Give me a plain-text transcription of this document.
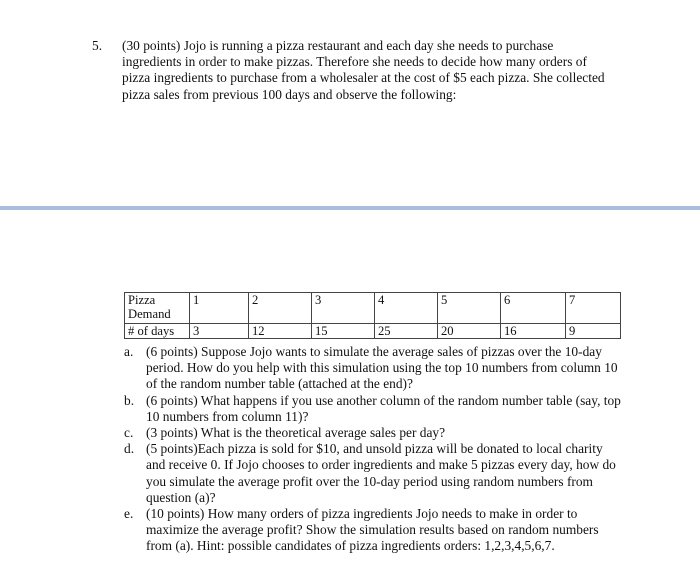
5. (30 points) Jojo is running a pizza restaurant and each day she needs to purchase ingredients in order to make pizzas. Therefore she needs to decide how many orders of pizza ingredients to purchase from a wholesaler at the cost of $5 each pizza. She collected pizza sales from previous 100 days and observe the following:
Pizza Demand	1	2	3	4	5	6	7
# of days	3	12	15	25	20	16	9
a. (6 points) Suppose Jojo wants to simulate the average sales of pizzas over the 10-day period. How do you help with this simulation using the top 10 numbers from column 10 of the random number table (attached at the end)?
b. (6 points) What happens if you use another column of the random number table (say, top 10 numbers from column 11)?
c. (3 points) What is the theoretical average sales per day?
d. (5 points)Each pizza is sold for $10, and unsold pizza will be donated to local charity and receive 0. If Jojo chooses to order ingredients and make 5 pizzas every day, how do you simulate the average profit over the 10-day period using random numbers from question (a)?
e. (10 points) How many orders of pizza ingredients Jojo needs to make in order to maximize the average profit? Show the simulation results based on random numbers from (a). Hint: possible candidates of pizza ingredients orders: 1,2,3,4,5,6,7.
